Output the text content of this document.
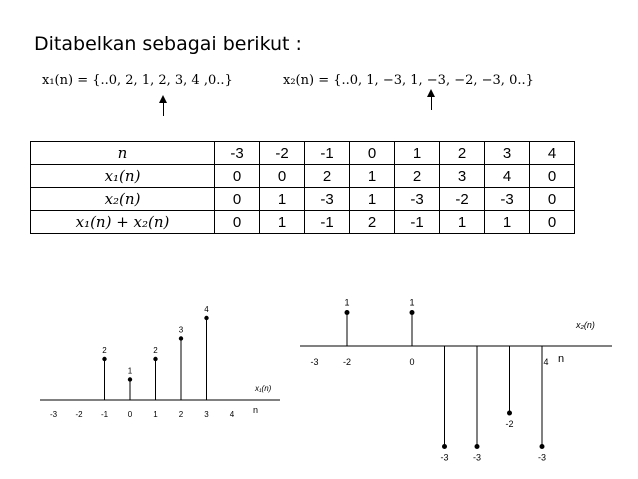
Ditabelkan sebagai berikut :
x₁(n) = {..0, 2, 1, 2, 3, 4 ,0..}	x₂(n) = {..0, 1, −3, 1, −3, −2, −3, 0..}
n	-3	-2	-1	0	1	2	3	4
x₁(n)	0	0	2	1	2	3	4	0
x₂(n)	0	1	-3	1	-3	-2	-3	0
x₁(n) + x₂(n)	0	1	-1	2	-1	1	1	0
x₁(n)
n
-3 -2 -1 0	1	2	3	4
2
1
2
3
4
x₂(n)
n
-3	-2	0	4
1	1
-3	-3
-2
-3
